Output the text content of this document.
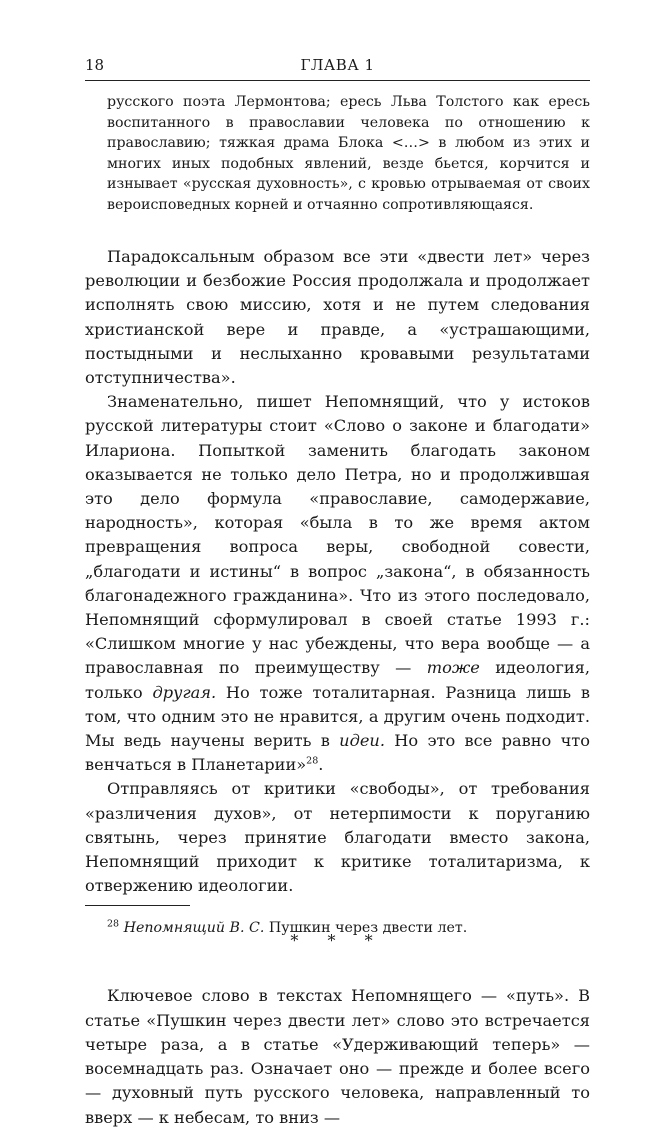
18	ГЛАВА 1

русского поэта Лермонтова; ересь Льва Толстого как ересь воспитанного в православии человека по отношению к православию; тяжкая драма Блока <…> в любом из этих и многих иных подобных явлений, везде бьется, корчится и изнывает «русская духовность», с кровью отрываемая от своих вероисповедных корней и отчаянно сопротивляющаяся.

Парадоксальным образом все эти «двести лет» через революции и безбожие Россия продолжала и продолжает исполнять свою миссию, хотя и не путем следования христианской вере и правде, а «устрашающими, постыдными и неслыханно кровавыми результатами отступничества».

Знаменательно, пишет Непомнящий, что у истоков русской литературы стоит «Слово о законе и благодати» Илариона. Попыткой заменить благодать законом оказывается не только дело Петра, но и продолжившая это дело формула «православие, самодержавие, народность», которая «была в то же время актом превращения вопроса веры, свободной совести, „благодати и истины“ в вопрос „закона“, в обязанность благонадежного гражданина». Что из этого последовало, Непомнящий сформулировал в своей статье 1993 г.: «Слишком многие у нас убеждены, что вера вообще — а православная по преимуществу — тоже идеология, только другая. Но тоже тоталитарная. Разница лишь в том, что одним это не нравится, а другим очень подходит. Мы ведь научены верить в идеи. Но это все равно что венчаться в Планетарии»$^{28}$.

Отправляясь от критики «свободы», от требования «различения духов», от нетерпимости к поруганию святынь, через принятие благодати вместо закона, Непомнящий приходит к критике тоталитаризма, к отвержению идеологии.

* * *

Ключевое слово в текстах Непомнящего — «путь». В статье «Пушкин через двести лет» слово это встречается четыре раза, а в статье «Удерживающий теперь» — восемнадцать раз. Означает оно — прежде и более всего — духовный путь русского человека, направленный то вверх — к небесам, то вниз —

$^{28}$ Непомнящий В. С. Пушкин через двести лет.
